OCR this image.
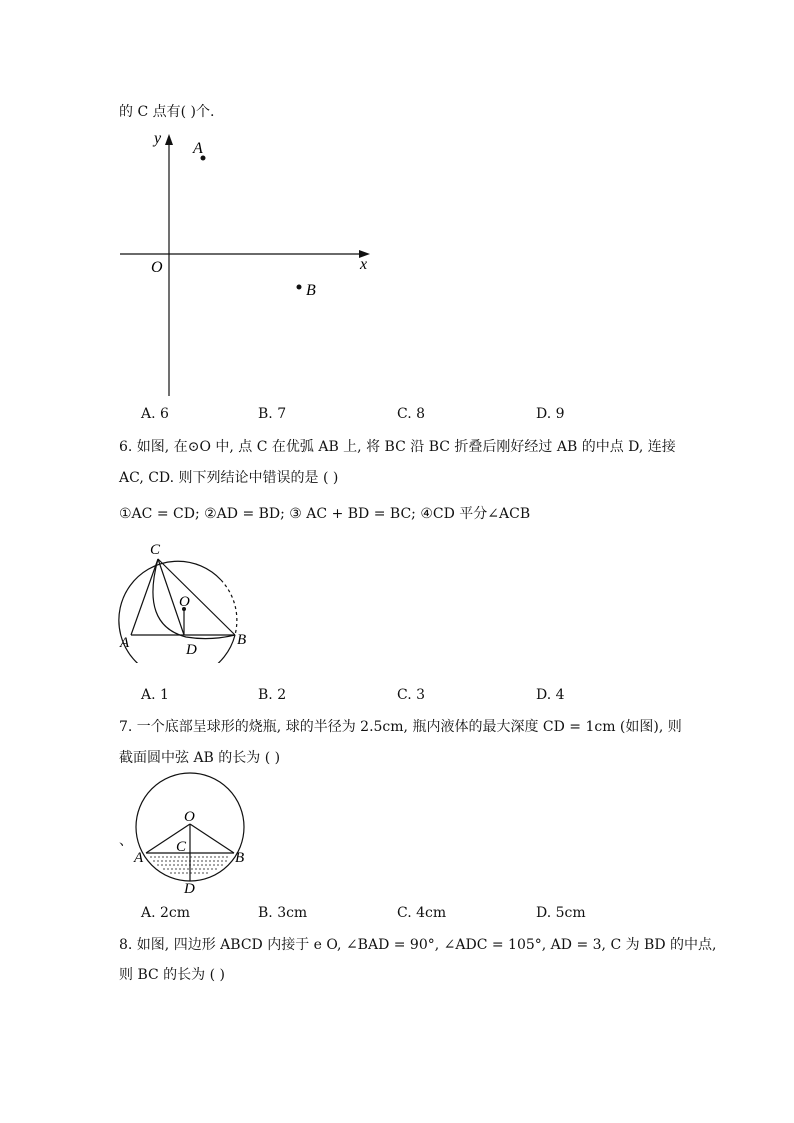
的 C 点有( )个.
y
x
O
A
B
A. 6	B. 7	C. 8	D. 9
6. 如图, 在⊙O 中, 点 C 在优弧 AB 上, 将 BC 沿 BC 折叠后刚好经过 AB 的中点 D, 连接
AC, CD. 则下列结论中错误的是 ( )
①AC = CD; ②AD = BD; ③ AC + BD = BC; ④CD 平分∠ACB
C
O
A	B
D
A. 1	B. 2	C. 3	D. 4
7. 一个底部呈球形的烧瓶, 球的半径为 2.5cm, 瓶内液体的最大深度 CD = 1cm (如图), 则
截面圆中弦 AB 的长为 ( )
、
O
A	B
C
D
A. 2cm	B. 3cm	C. 4cm	D. 5cm
8. 如图, 四边形 ABCD 内接于 e O, ∠BAD = 90°, ∠ADC = 105°, AD = 3, C 为 BD 的中点,
则 BC 的长为 ( )
